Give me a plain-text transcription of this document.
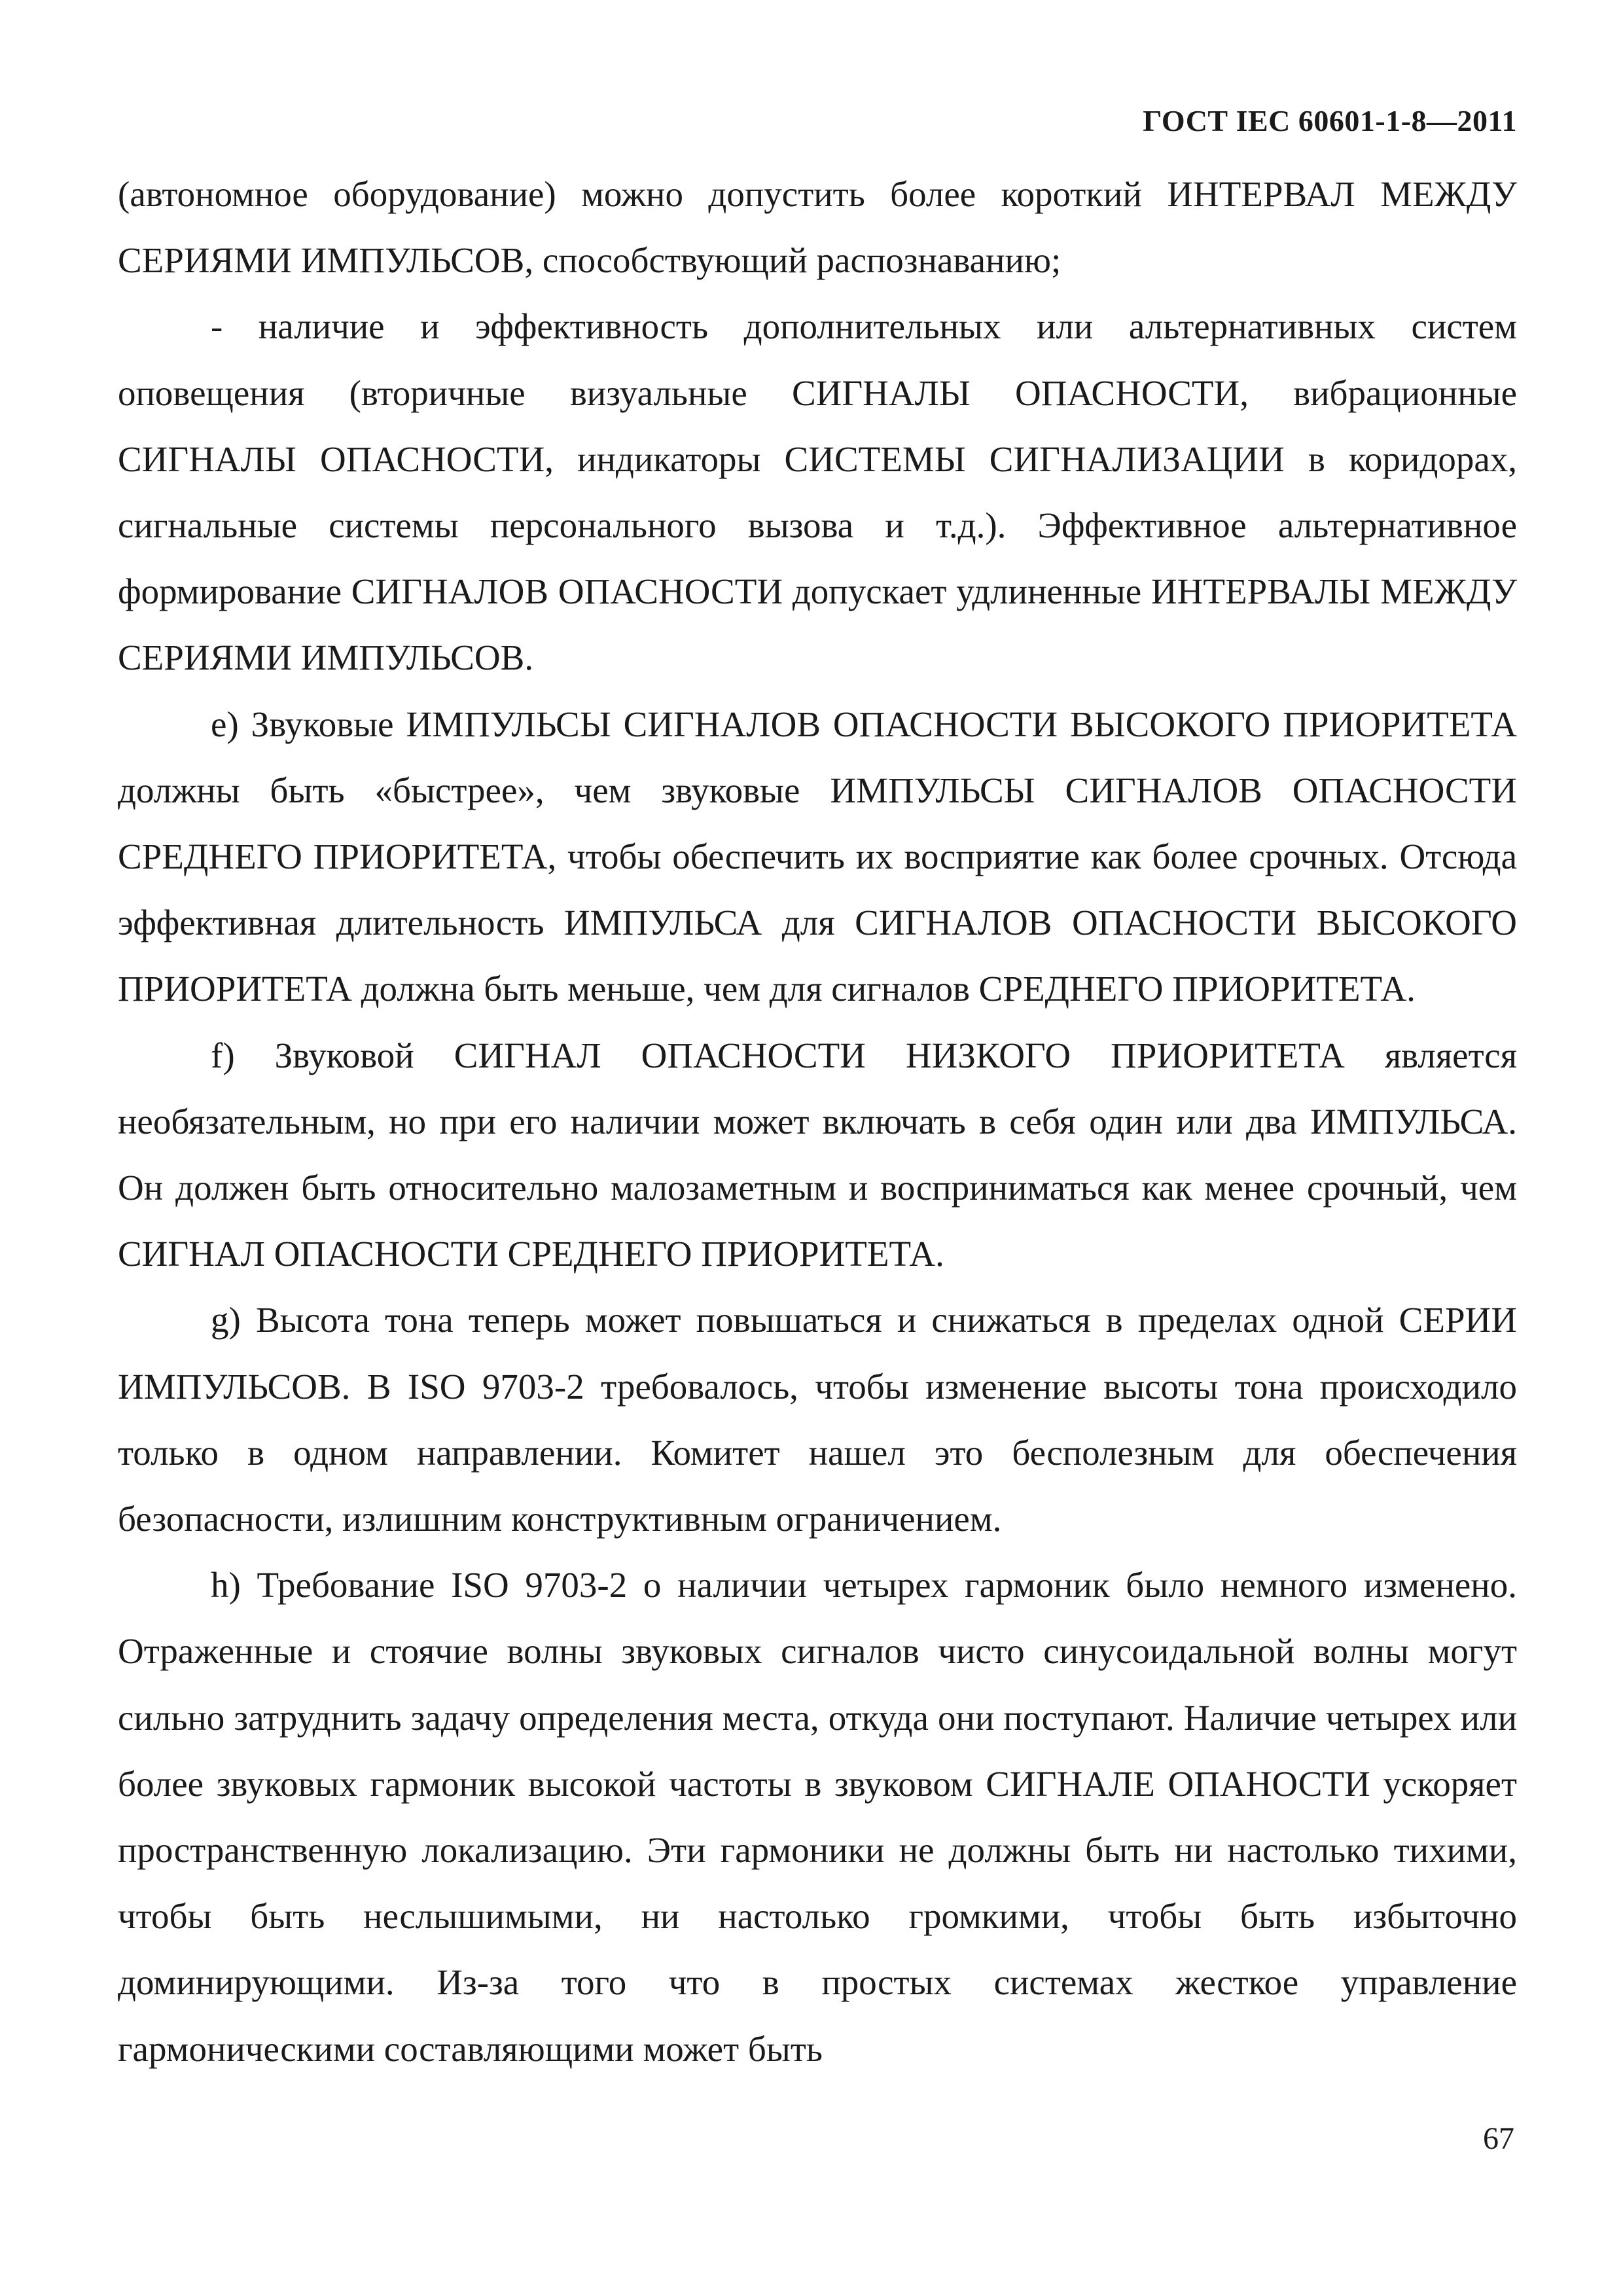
ГОСТ IEC 60601-1-8—2011

(автономное оборудование) можно допустить более короткий ИНТЕРВАЛ МЕЖДУ СЕРИЯМИ ИМПУЛЬСОВ, способствующий распознаванию;

- наличие и эффективность дополнительных или альтернативных систем оповещения (вторичные визуальные СИГНАЛЫ ОПАСНОСТИ, вибрационные СИГНАЛЫ ОПАСНОСТИ, индикаторы СИСТЕМЫ СИГНАЛИЗАЦИИ в коридорах, сигнальные системы персонального вызова и т.д.). Эффективное альтернативное формирование СИГНАЛОВ ОПАСНОСТИ допускает удлиненные ИНТЕРВАЛЫ МЕЖДУ СЕРИЯМИ ИМПУЛЬСОВ.

е) Звуковые ИМПУЛЬСЫ СИГНАЛОВ ОПАСНОСТИ ВЫСОКОГО ПРИОРИТЕТА должны быть «быстрее», чем звуковые ИМПУЛЬСЫ СИГНАЛОВ ОПАСНОСТИ СРЕДНЕГО ПРИОРИТЕТА, чтобы обеспечить их восприятие как более срочных. Отсюда эффективная длительность ИМПУЛЬСА для СИГНАЛОВ ОПАСНОСТИ ВЫСОКОГО ПРИОРИТЕТА должна быть меньше, чем для сигналов СРЕДНЕГО ПРИОРИТЕТА.

f) Звуковой СИГНАЛ ОПАСНОСТИ НИЗКОГО ПРИОРИТЕТА является необязательным, но при его наличии может включать в себя один или два ИМПУЛЬСА. Он должен быть относительно малозаметным и восприниматься как менее срочный, чем СИГНАЛ ОПАСНОСТИ СРЕДНЕГО ПРИОРИТЕТА.

g) Высота тона теперь может повышаться и снижаться в пределах одной СЕРИИ ИМПУЛЬСОВ. В ISO 9703-2 требовалось, чтобы изменение высоты тона происходило только в одном направлении. Комитет нашел это бесполезным для обеспечения безопасности, излишним конструктивным ограничением.

h) Требование ISO 9703-2 о наличии четырех гармоник было немного изменено. Отраженные и стоячие волны звуковых сигналов чисто синусоидальной волны могут сильно затруднить задачу определения места, откуда они поступают. Наличие четырех или более звуковых гармоник высокой частоты в звуковом СИГНАЛЕ ОПАНОСТИ ускоряет пространственную локализацию. Эти гармоники не должны быть ни настолько тихими, чтобы быть неслышимыми, ни настолько громкими, чтобы быть избыточно доминирующими. Из-за того что в простых системах жесткое управление гармоническими составляющими может быть

67
